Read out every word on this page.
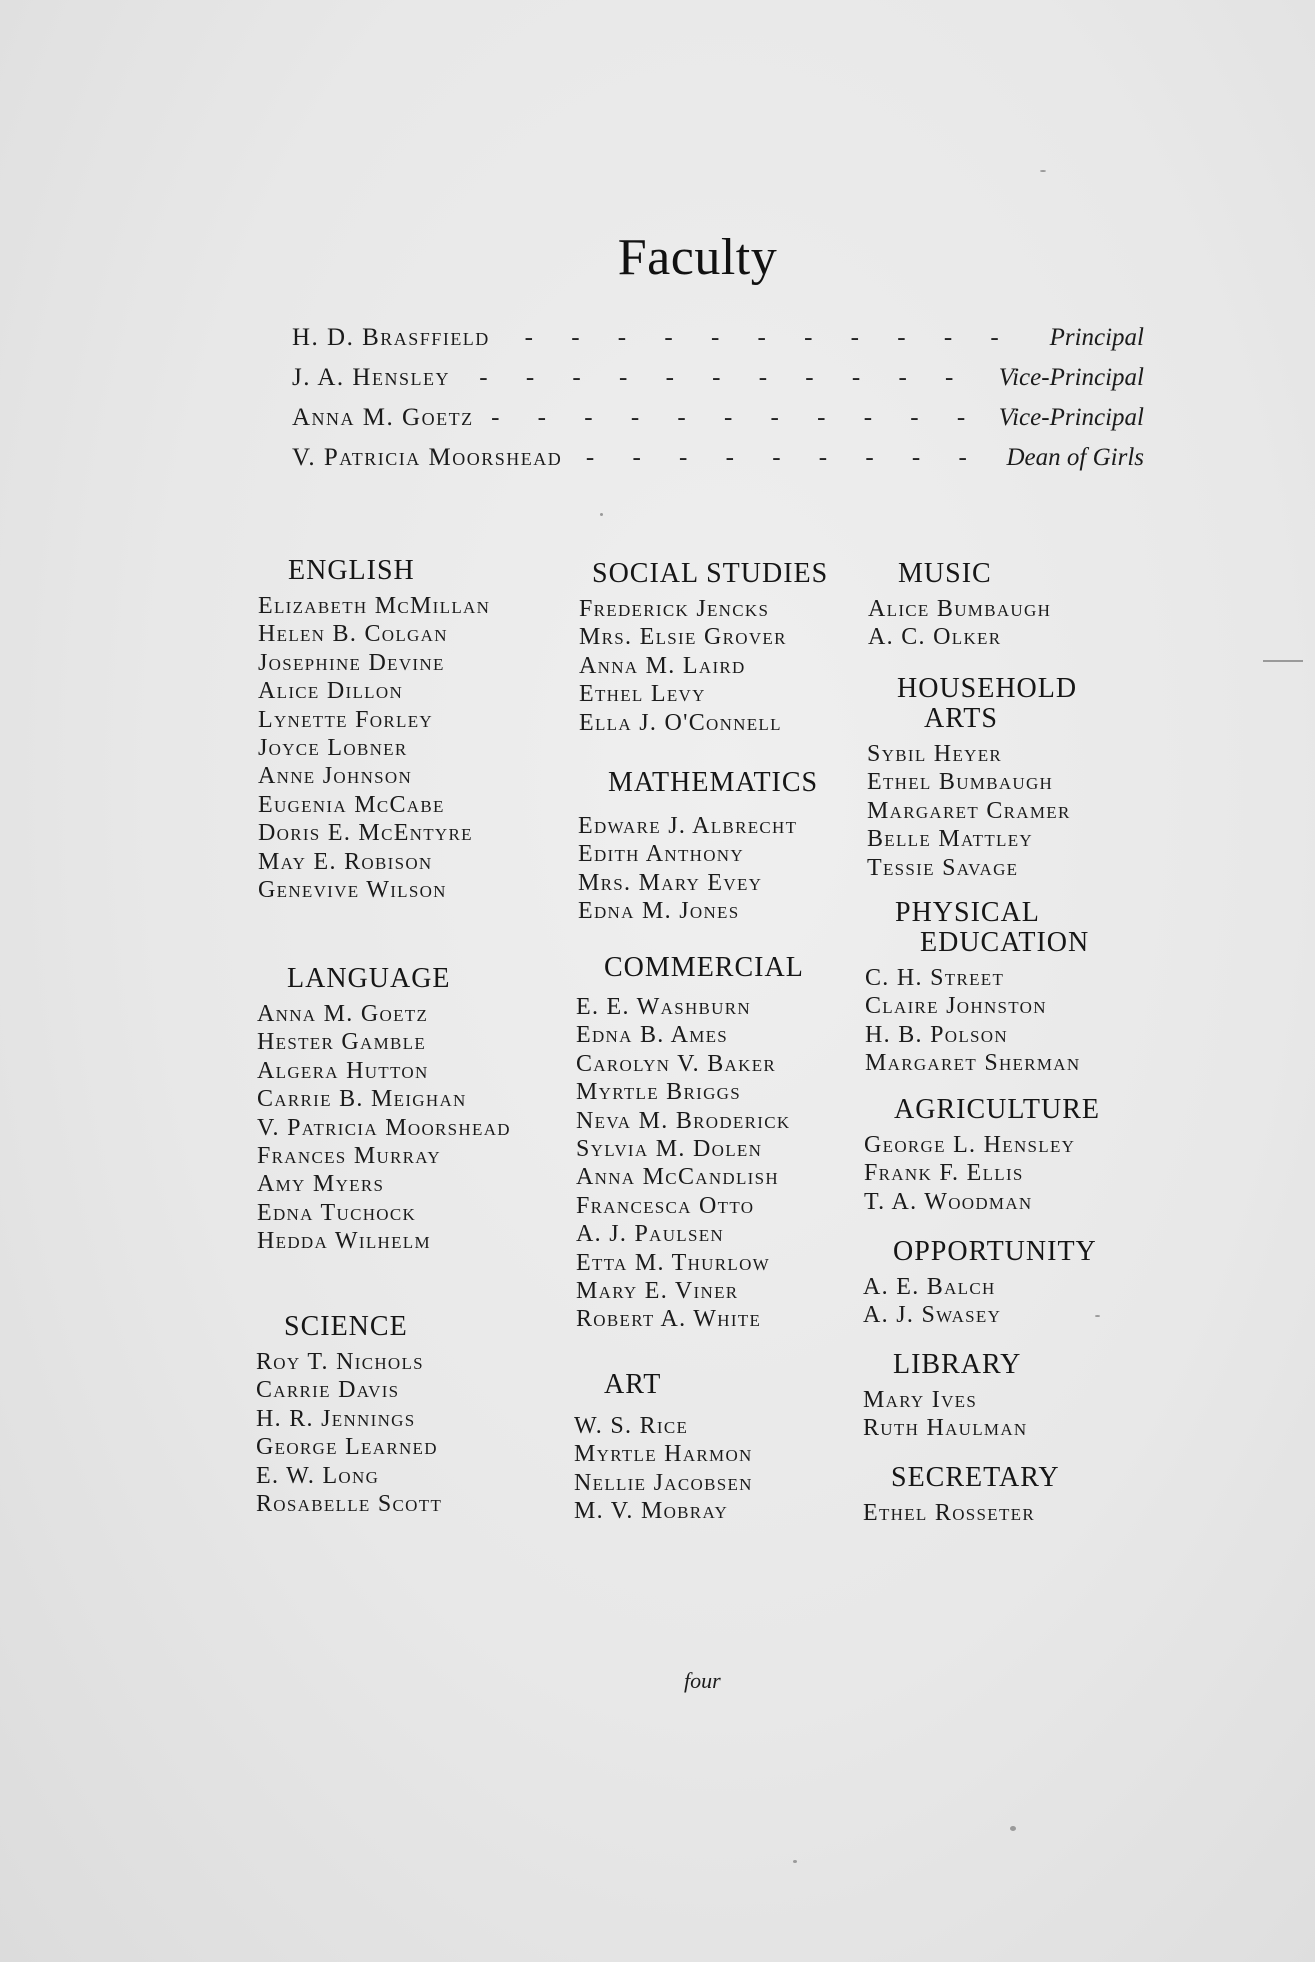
Faculty
H. D. Brasffield	- - - - - - - - - - -	Principal
J. A. Hensley	- - - - - - - - - - -	Vice-Principal
Anna M. Goetz - - - - - - - - - - - Vice-Principal
V. Patricia Moorshead - - - - - - - - - Dean of Girls
ENGLISH
Elizabeth McMillan
Helen B. Colgan
Josephine Devine
Alice Dillon
Lynette Forley
Joyce Lobner
Anne Johnson
Eugenia McCabe
Doris E. McEntyre
May E. Robison
Genevive Wilson
LANGUAGE
Anna M. Goetz
Hester Gamble
Algera Hutton
Carrie B. Meighan
V. Patricia Moorshead
Frances Murray
Amy Myers
Edna Tuchock
Hedda Wilhelm
SCIENCE
Roy T. Nichols
Carrie Davis
H. R. Jennings
George Learned
E. W. Long
Rosabelle Scott
SOCIAL STUDIES
Frederick Jencks
Mrs. Elsie Grover
Anna M. Laird
Ethel Levy
Ella J. O'Connell
MATHEMATICS
Edware J. Albrecht
Edith Anthony
Mrs. Mary Evey
Edna M. Jones
COMMERCIAL
E. E. Washburn
Edna B. Ames
Carolyn V. Baker
Myrtle Briggs
Neva M. Broderick
Sylvia M. Dolen
Anna McCandlish
Francesca Otto
A. J. Paulsen
Etta M. Thurlow
Mary E. Viner
Robert A. White
ART
W. S. Rice
Myrtle Harmon
Nellie Jacobsen
M. V. Mobray
MUSIC
Alice Bumbaugh
A. C. Olker
HOUSEHOLD
ARTS
Sybil Heyer
Ethel Bumbaugh
Margaret Cramer
Belle Mattley
Tessie Savage
PHYSICAL
EDUCATION
C. H. Street
Claire Johnston
H. B. Polson
Margaret Sherman
AGRICULTURE
George L. Hensley
Frank F. Ellis
T. A. Woodman
OPPORTUNITY
A. E. Balch
A. J. Swasey
LIBRARY
Mary Ives
Ruth Haulman
SECRETARY
Ethel Rosseter
four
